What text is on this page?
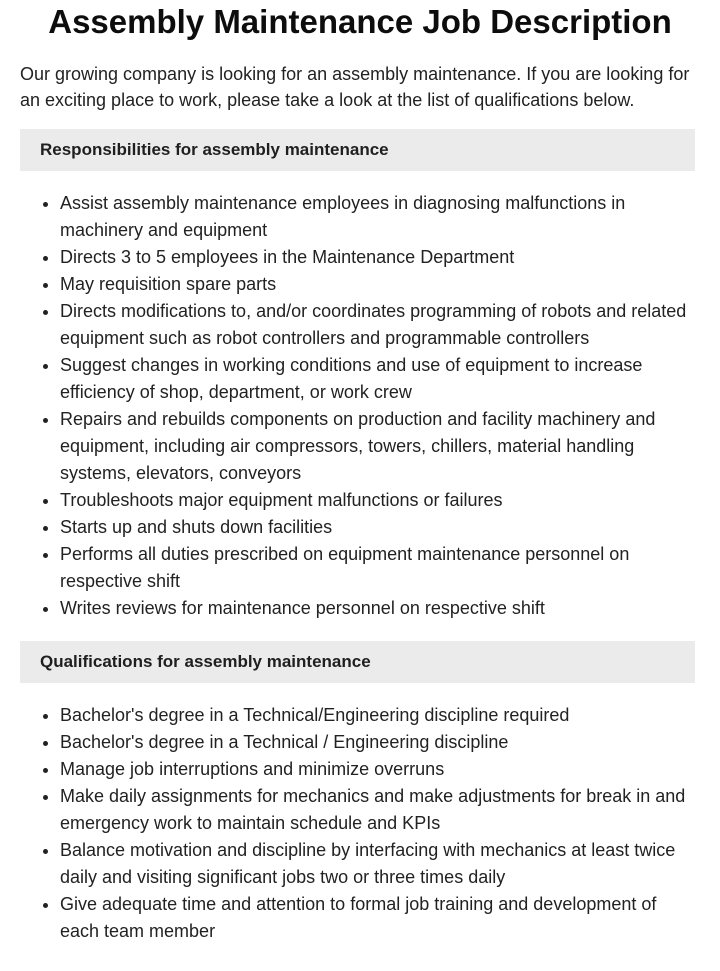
Assembly Maintenance Job Description

Our growing company is looking for an assembly maintenance. If you are looking for an exciting place to work, please take a look at the list of qualifications below.

Responsibilities for assembly maintenance
• Assist assembly maintenance employees in diagnosing malfunctions in machinery and equipment
• Directs 3 to 5 employees in the Maintenance Department
• May requisition spare parts
• Directs modifications to, and/or coordinates programming of robots and related equipment such as robot controllers and programmable controllers
• Suggest changes in working conditions and use of equipment to increase efficiency of shop, department, or work crew
• Repairs and rebuilds components on production and facility machinery and equipment, including air compressors, towers, chillers, material handling systems, elevators, conveyors
• Troubleshoots major equipment malfunctions or failures
• Starts up and shuts down facilities
• Performs all duties prescribed on equipment maintenance personnel on respective shift
• Writes reviews for maintenance personnel on respective shift
Qualifications for assembly maintenance
• Bachelor's degree in a Technical/Engineering discipline required
• Bachelor's degree in a Technical / Engineering discipline
• Manage job interruptions and minimize overruns
• Make daily assignments for mechanics and make adjustments for break in and emergency work to maintain schedule and KPIs
• Balance motivation and discipline by interfacing with mechanics at least twice daily and visiting significant jobs two or three times daily
• Give adequate time and attention to formal job training and development of each team member
